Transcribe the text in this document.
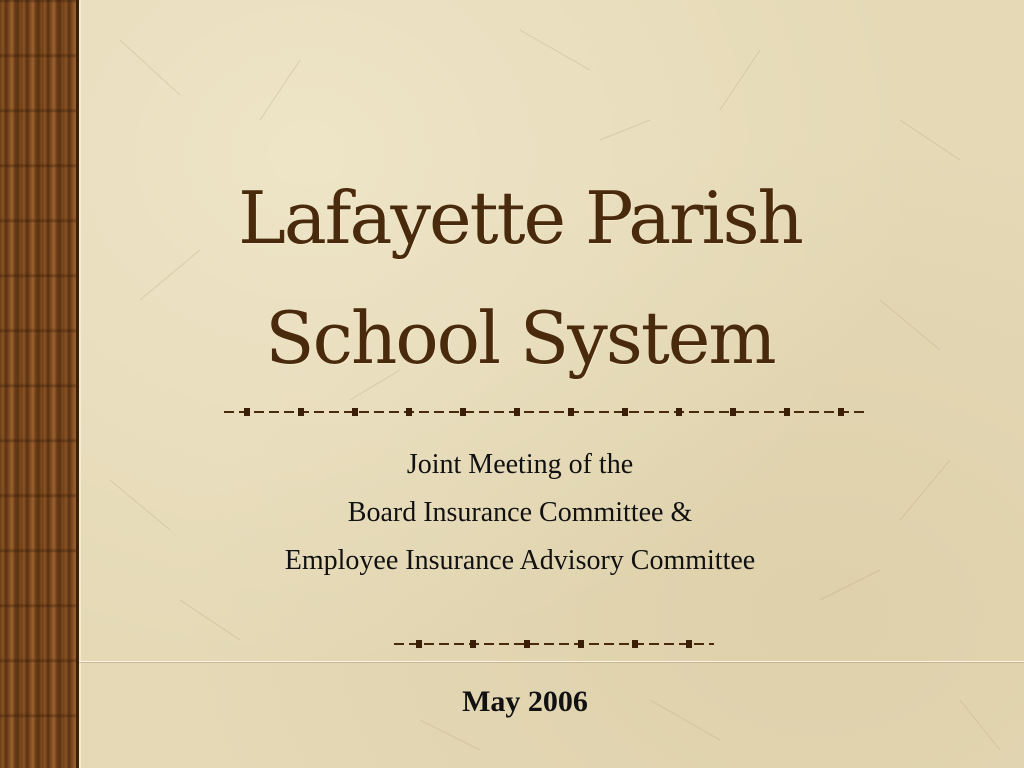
Lafayette Parish
School System
Joint Meeting of the
Board Insurance Committee &
Employee Insurance Advisory Committee
May 2006
